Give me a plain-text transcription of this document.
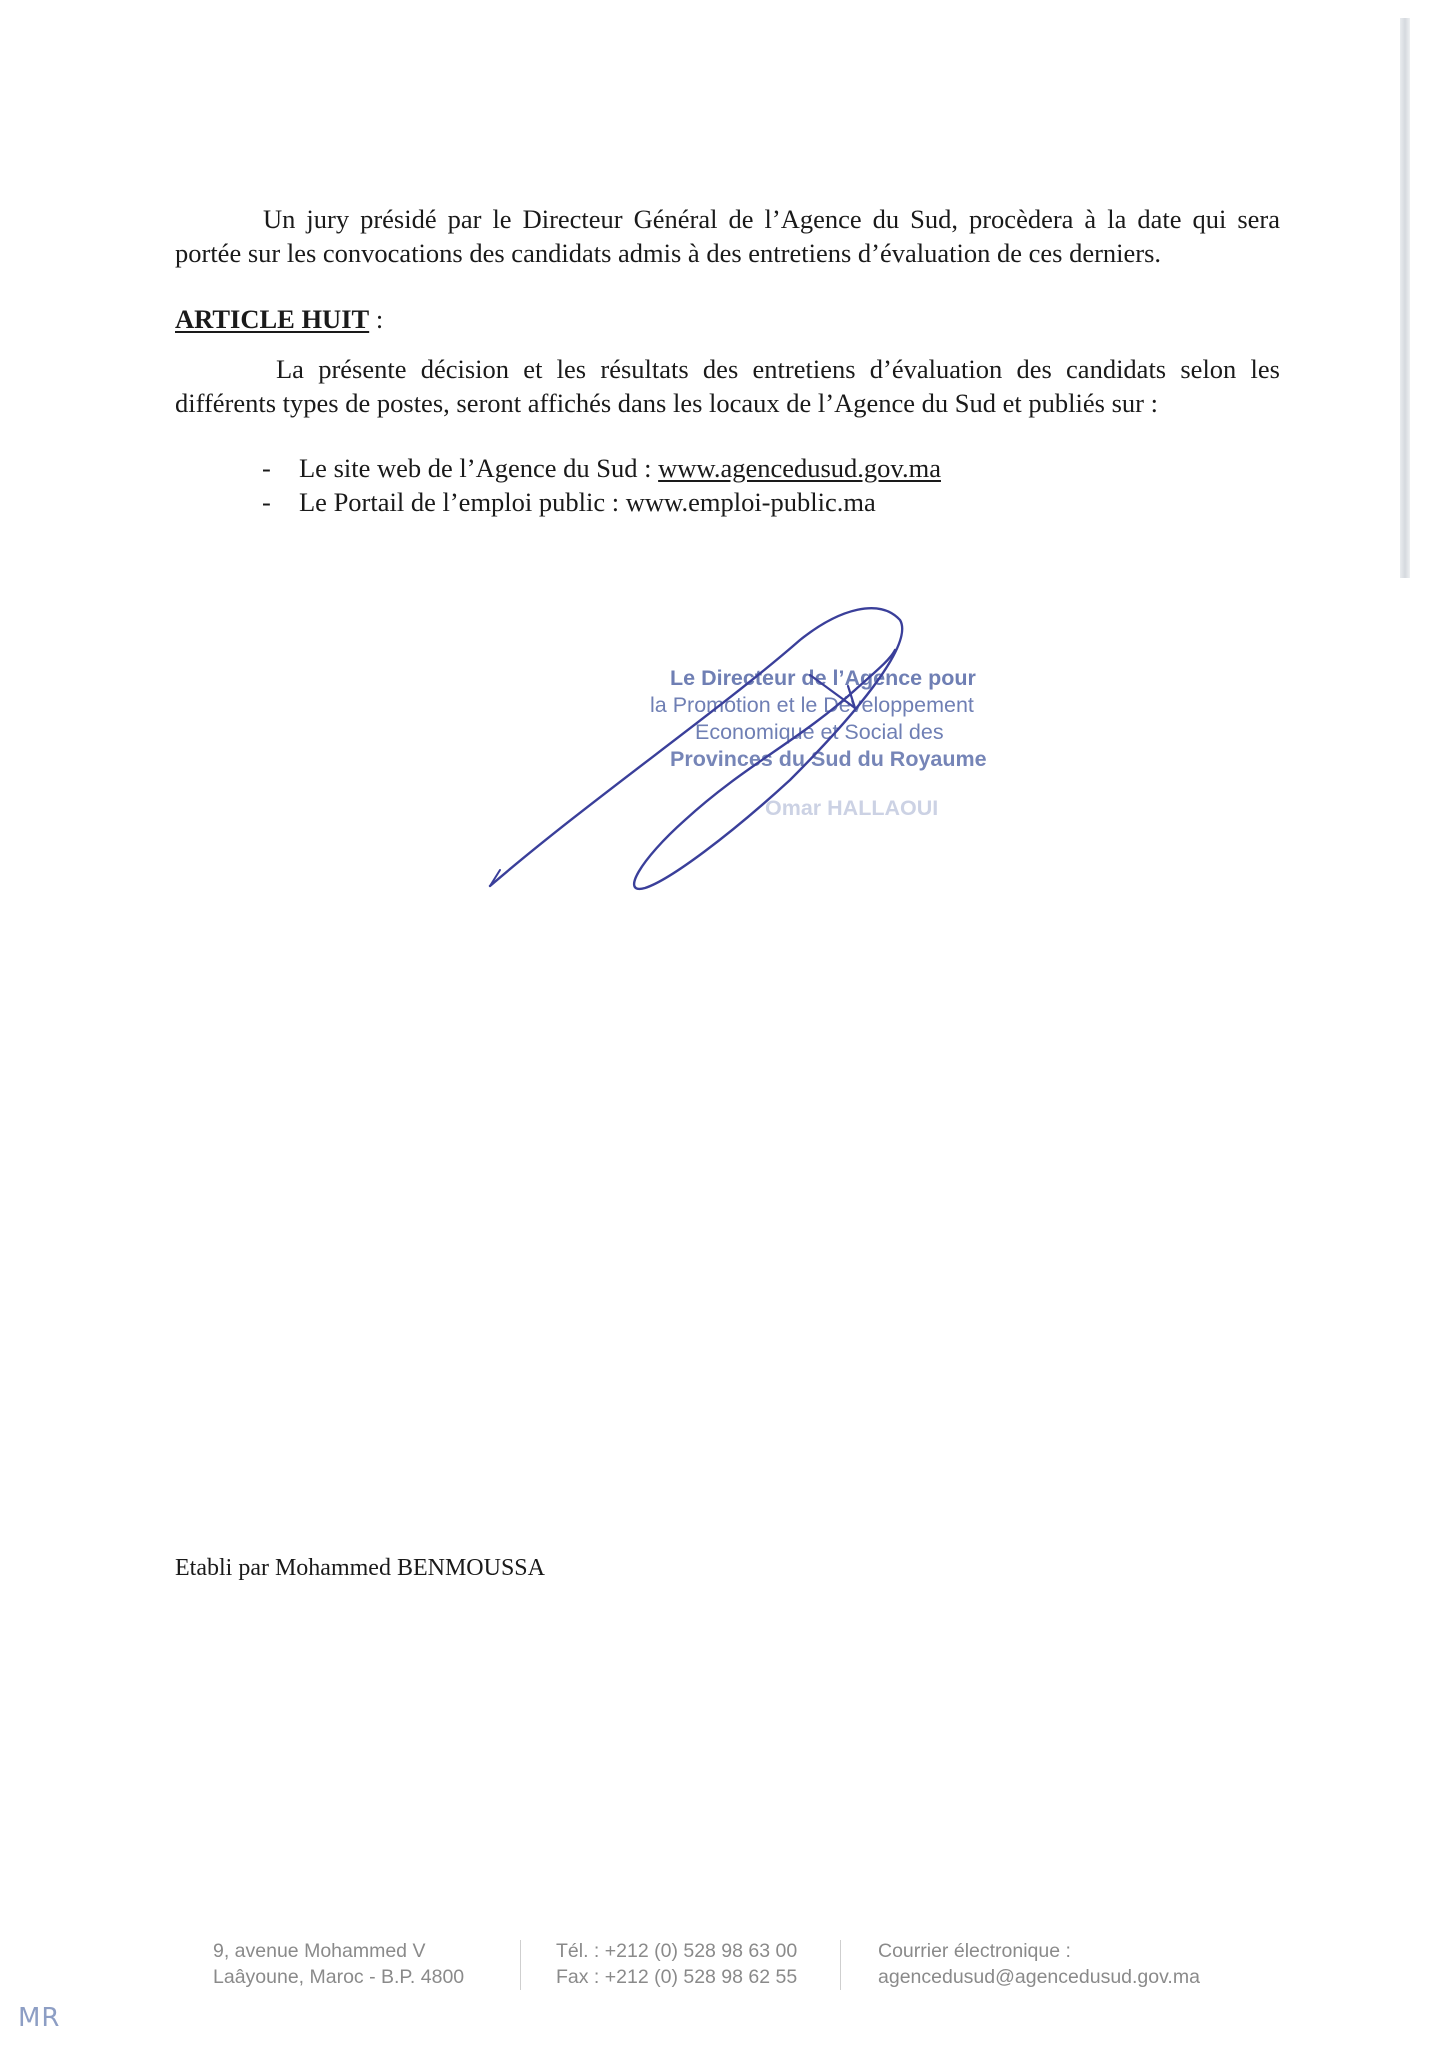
Un jury présidé par le Directeur Général de l’Agence du Sud, procèdera à la date qui sera portée sur les convocations des candidats admis à des entretiens d’évaluation de ces derniers.

ARTICLE HUIT :

La présente décision et les résultats des entretiens d’évaluation des candidats selon les différents types de postes, seront affichés dans les locaux de l’Agence du Sud et publiés sur :

- Le site web de l’Agence du Sud : www.agencedusud.gov.ma
- Le Portail de l’emploi public : www.emploi-public.ma
Le Directeur de l’Agence pour
la Promotion et le Développement
Economique et Social des
Provinces du Sud du Royaume
Omar HALLAOUI

Etabli par Mohammed BENMOUSSA

9, avenue Mohammed V
Laâyoune, Maroc - B.P. 4800
Tél. : +212 (0) 528 98 63 00
Fax : +212 (0) 528 98 62 55
Courrier électronique :
agencedusud@agencedusud.gov.ma
MR
